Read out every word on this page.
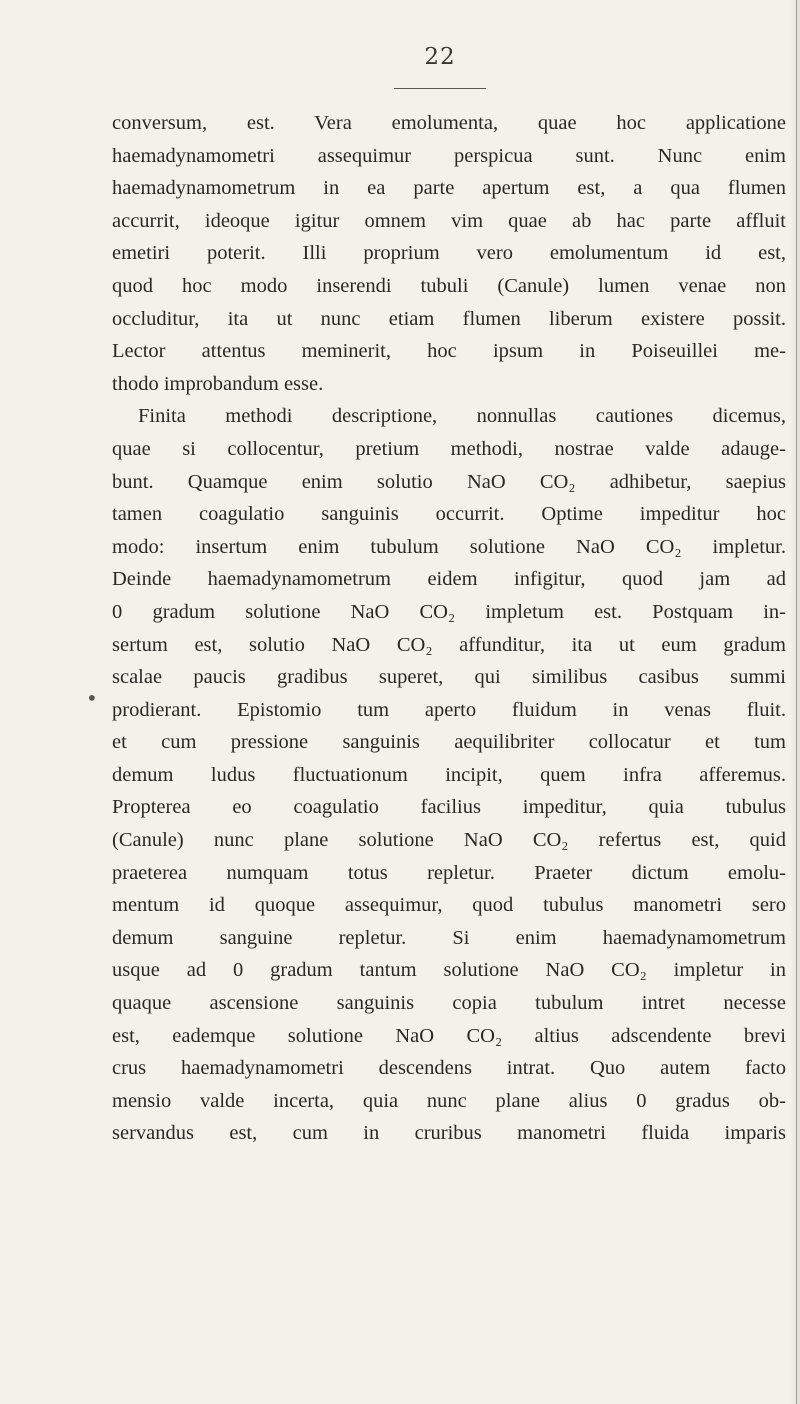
22
•
conversum, est. Vera emolumenta, quae hoc applicatione
haemadynamometri assequimur perspicua sunt. Nunc enim
haemadynamometrum in ea parte apertum est, a qua flumen
accurrit, ideoque igitur omnem vim quae ab hac parte affluit
emetiri poterit. Illi proprium vero emolumentum id est,
quod hoc modo inserendi tubuli (Canule) lumen venae non
occluditur, ita ut nunc etiam flumen liberum existere possit.
Lector attentus meminerit, hoc ipsum in Poiseuillei me-
thodo improbandum esse.
Finita methodi descriptione, nonnullas cautiones dicemus,
quae si collocentur, pretium methodi, nostrae valde adauge-
bunt. Quamque enim solutio NaO CO₂ adhibetur, saepius
tamen coagulatio sanguinis occurrit. Optime impeditur hoc
modo: insertum enim tubulum solutione NaO CO₂ impletur.
Deinde haemadynamometrum eidem infigitur, quod jam ad
0 gradum solutione NaO CO₂ impletum est. Postquam in-
sertum est, solutio NaO CO₂ affunditur, ita ut eum gradum
scalae paucis gradibus superet, qui similibus casibus summi
prodierant. Epistomio tum aperto fluidum in venas fluit.
et cum pressione sanguinis aequilibriter collocatur et tum
demum ludus fluctuationum incipit, quem infra afferemus.
Propterea eo coagulatio facilius impeditur, quia tubulus
(Canule) nunc plane solutione NaO CO₂ refertus est, quid
praeterea numquam totus repletur. Praeter dictum emolu-
mentum id quoque assequimur, quod tubulus manometri sero
demum sanguine repletur. Si enim haemadynamometrum
usque ad 0 gradum tantum solutione NaO CO₂ impletur in
quaque ascensione sanguinis copia tubulum intret necesse
est, eademque solutione NaO CO₂ altius adscendente brevi
crus haemadynamometri descendens intrat. Quo autem facto
mensio valde incerta, quia nunc plane alius 0 gradus ob-
servandus est, cum in cruribus manometri fluida imparis
